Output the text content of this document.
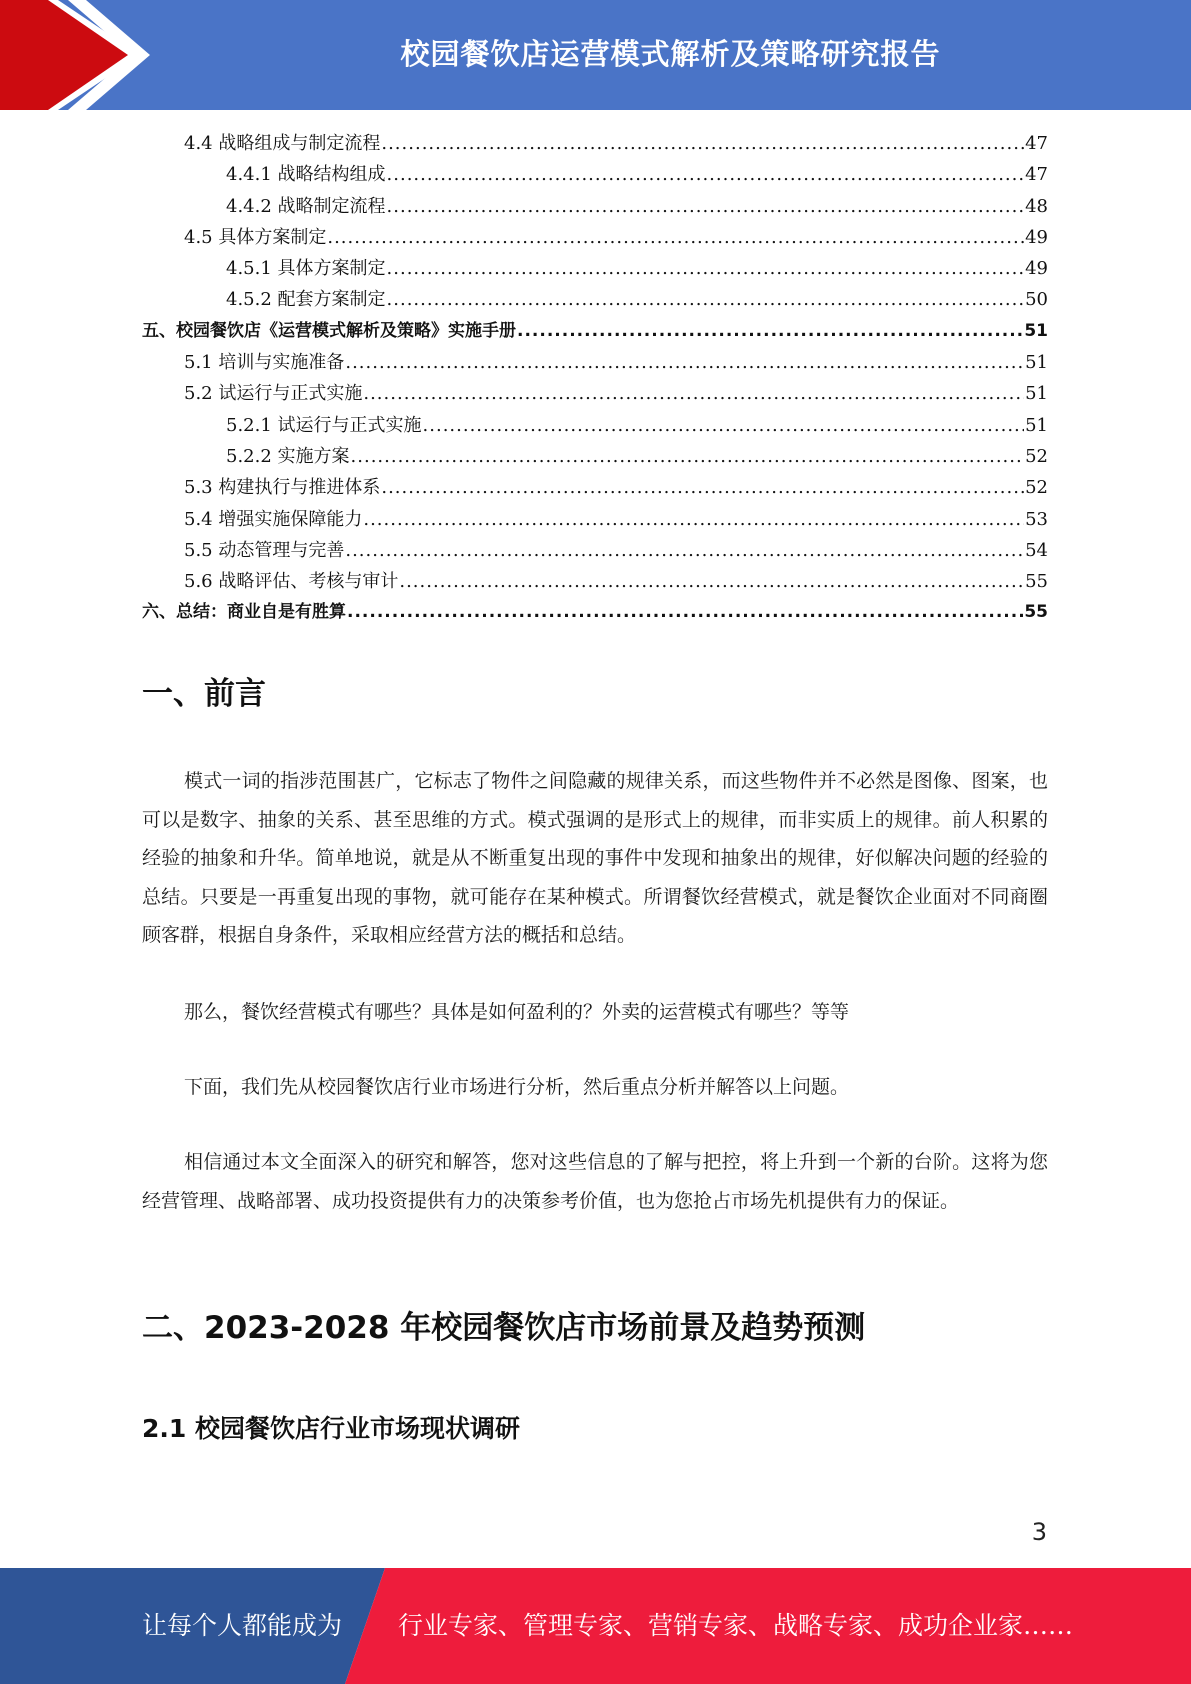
校园餐饮店运营模式解析及策略研究报告
4.4 战略组成与制定流程 .....	47
4.4.1 战略结构组成 .....	47
4.4.2 战略制定流程 .....	48
4.5 具体方案制定 .....	49
4.5.1 具体方案制定 .....	49
4.5.2 配套方案制定 .....	50
五、校园餐饮店《运营模式解析及策略》实施手册 .....	51
5.1 培训与实施准备 .....	51
5.2 试运行与正式实施 .....	51
5.2.1 试运行与正式实施 .....	51
5.2.2 实施方案 .....	52
5.3 构建执行与推进体系 .....	52
5.4 增强实施保障能力 .....	53
5.5 动态管理与完善 .....	54
5.6 战略评估、考核与审计 .....	55
六、总结：商业自是有胜算 .....	55
一、前言

模式一词的指涉范围甚广，它标志了物件之间隐藏的规律关系，而这些物件并不必然是图像、图案，也可以是数字、抽象的关系、甚至思维的方式。模式强调的是形式上的规律，而非实质上的规律。前人积累的经验的抽象和升华。简单地说，就是从不断重复出现的事件中发现和抽象出的规律，好似解决问题的经验的总结。只要是一再重复出现的事物，就可能存在某种模式。所谓餐饮经营模式，就是餐饮企业面对不同商圈顾客群，根据自身条件，采取相应经营方法的概括和总结。

那么，餐饮经营模式有哪些？具体是如何盈利的？外卖的运营模式有哪些？等等

下面，我们先从校园餐饮店行业市场进行分析，然后重点分析并解答以上问题。

相信通过本文全面深入的研究和解答，您对这些信息的了解与把控，将上升到一个新的台阶。这将为您经营管理、战略部署、成功投资提供有力的决策参考价值，也为您抢占市场先机提供有力的保证。

二、2023-2028 年校园餐饮店市场前景及趋势预测
2.1 校园餐饮店行业市场现状调研
3
让每个人都能成为 行业专家、管理专家、营销专家、战略专家、成功企业家……
